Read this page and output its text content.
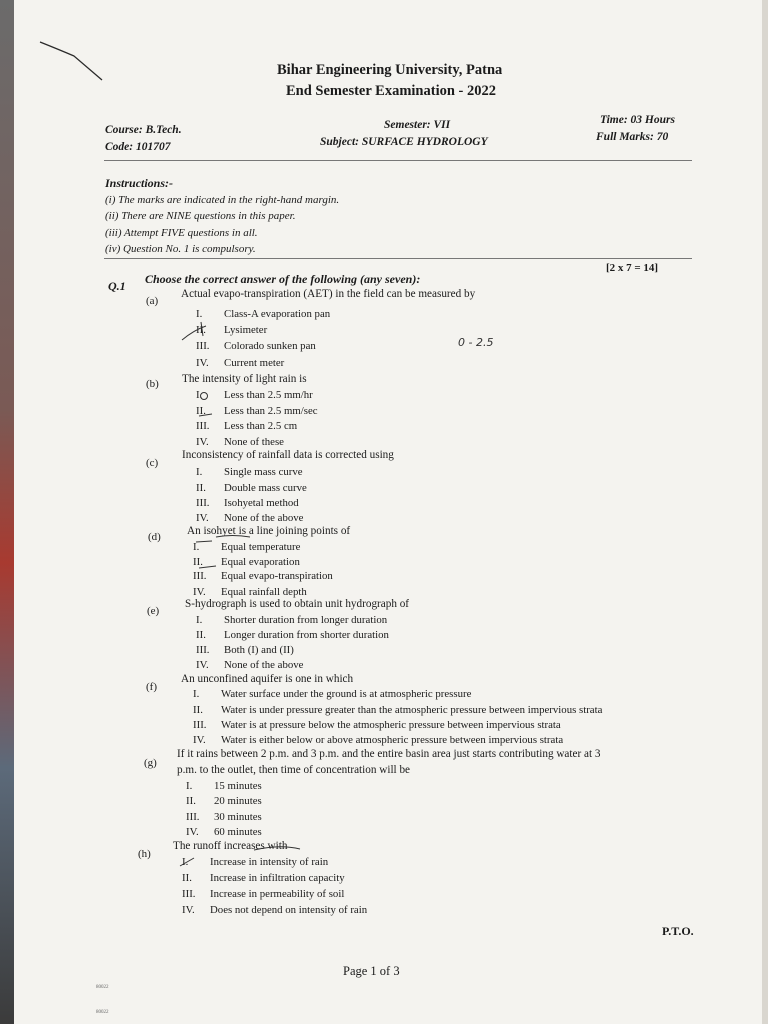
Bihar Engineering University, Patna
End Semester Examination - 2022
Course: B.Tech.
Code: 101707
Semester: VII
Subject: SURFACE HYDROLOGY
Time: 03 Hours
Full Marks: 70
Instructions:-
(i) The marks are indicated in the right-hand margin.
(ii) There are NINE questions in this paper.
(iii) Attempt FIVE questions in all.
(iv) Question No. 1 is compulsory.
Q.1 Choose the correct answer of the following (any seven):
[2 x 7 = 14]
(a)
Actual evapo-transpiration (AET) in the field can be measured by
I. Class-A evaporation pan
II. Lysimeter
III. Colorado sunken pan
IV. Current meter
0 - 2.5
(b) The intensity of light rain is
I. Less than 2.5 mm/hr
II. Less than 2.5 mm/sec
III. Less than 2.5 cm
IV. None of these
(c)
Inconsistency of rainfall data is corrected using
I. Single mass curve
II. Double mass curve
III. Isohyetal method
IV. None of the above
(d) An isohyet is a line joining points of
I. Equal temperature
II. Equal evaporation
III. Equal evapo-transpiration
IV. Equal rainfall depth
(e)
S-hydrograph is used to obtain unit hydrograph of
I. Shorter duration from longer duration
II. Longer duration from shorter duration
III. Both (I) and (II)
IV. None of the above
(f)
An unconfined aquifer is one in which
I. Water surface under the ground is at atmospheric pressure
II. Water is under pressure greater than the atmospheric pressure between impervious strata
III. Water is at pressure below the atmospheric pressure between impervious strata
IV. Water is either below or above atmospheric pressure between impervious strata
(g)
If it rains between 2 p.m. and 3 p.m. and the entire basin area just starts contributing water at 3
p.m. to the outlet, then time of concentration will be
I. 15 minutes
II. 20 minutes
III. 30 minutes
IV. 60 minutes
(h)
The runoff increases with
I. Increase in intensity of rain
II. Increase in infiltration capacity
III. Increase in permeability of soil
IV. Does not depend on intensity of rain
P.T.O.
Page 1 of 3
80022
80022
